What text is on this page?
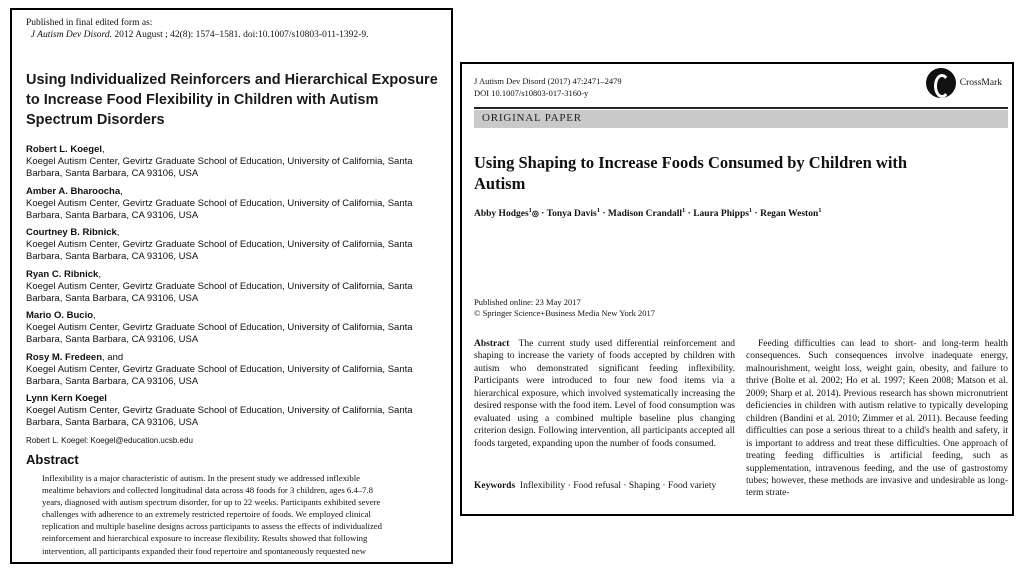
Published in final edited form as:
J Autism Dev Disord. 2012 August ; 42(8): 1574–1581. doi:10.1007/s10803-011-1392-9.
Using Individualized Reinforcers and Hierarchical Exposure to Increase Food Flexibility in Children with Autism Spectrum Disorders
Robert L. Koegel,
Koegel Autism Center, Gevirtz Graduate School of Education, University of California, Santa Barbara, Santa Barbara, CA 93106, USA
Amber A. Bharoocha,
Koegel Autism Center, Gevirtz Graduate School of Education, University of California, Santa Barbara, Santa Barbara, CA 93106, USA
Courtney B. Ribnick,
Koegel Autism Center, Gevirtz Graduate School of Education, University of California, Santa Barbara, Santa Barbara, CA 93106, USA
Ryan C. Ribnick,
Koegel Autism Center, Gevirtz Graduate School of Education, University of California, Santa Barbara, Santa Barbara, CA 93106, USA
Mario O. Bucio,
Koegel Autism Center, Gevirtz Graduate School of Education, University of California, Santa Barbara, Santa Barbara, CA 93106, USA
Rosy M. Fredeen, and
Koegel Autism Center, Gevirtz Graduate School of Education, University of California, Santa Barbara, Santa Barbara, CA 93106, USA
Lynn Kern Koegel
Koegel Autism Center, Gevirtz Graduate School of Education, University of California, Santa Barbara, Santa Barbara, CA 93106, USA
Robert L. Koegel: Koegel@education.ucsb.edu
Abstract
Inflexibility is a major characteristic of autism. In the present study we addressed inflexible
mealtime behaviors and collected longitudinal data across 48 foods for 3 children, ages 6.4–7.8
years, diagnosed with autism spectrum disorder, for up to 22 weeks. Participants exhibited severe
challenges with adherence to an extremely restricted repertoire of foods. We employed clinical
replication and multiple baseline designs across participants to assess the effects of individualized
reinforcement and hierarchical exposure to increase flexibility. Results showed that following
intervention, all participants expanded their food repertoire and spontaneously requested new
J Autism Dev Disord (2017) 47:2471–2479
DOI 10.1007/s10803-017-3160-y
CrossMark
ORIGINAL PAPER
Using Shaping to Increase Foods Consumed by Children with Autism
Abby Hodges$^1$◎ · Tonya Davis$^1$ · Madison Crandall$^1$ · Laura Phipps$^1$ · Regan Weston$^1$
Published online: 23 May 2017
© Springer Science+Business Media New York 2017
Abstract The current study used differential reinforcement and shaping to increase the variety of foods accepted by children with autism who demonstrated significant feeding inflexibility. Participants were introduced to four new food items via a hierarchical exposure, which involved systematically increasing the desired response with the food item. Level of food consumption was evaluated using a combined multiple baseline plus changing criterion design. Following intervention, all participants accepted all foods targeted, expanding upon the number of foods consumed.
Keywords Inflexibility · Food refusal · Shaping · Food variety
Feeding difficulties can lead to short- and long-term health consequences. Such consequences involve inadequate energy, malnourishment, weight loss, weight gain, obesity, and failure to thrive (Bolte et al. 2002; Ho et al. 1997; Keen 2008; Matson et al. 2009; Sharp et al. 2014). Previous research has shown micronutrient deficiencies in children with autism relative to typically developing children (Bandini et al. 2010; Zimmer et al. 2011). Because feeding difficulties can pose a serious threat to a child's health and safety, it is important to address and treat these difficulties. One approach of treating feeding difficulties is artificial feeding, such as supplementation, intravenous feeding, and the use of gastrostomy tubes; however, these methods are invasive and undesirable as long-term strate-
